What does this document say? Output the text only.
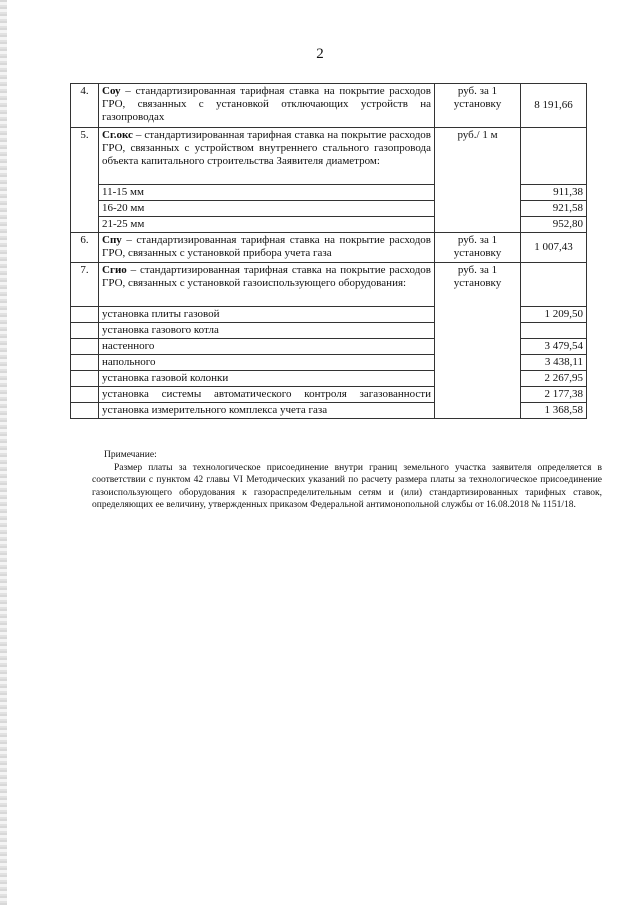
2
4.	Cоу – стандартизированная тарифная ставка на покрытие расходов ГРО, связанных с установкой отключающих устройств на газопроводах	руб. за 1 установку	8 191,66
5.	Cг.окс – стандартизированная тарифная ставка на покрытие расходов ГРО, связанных с устройством внутреннего стального газопровода объекта капитального строительства Заявителя диаметром:	руб./ 1 м	
	11-15 мм		911,38
	16-20 мм		921,58
	21-25 мм		952,80
6.	Cпу – стандартизированная тарифная ставка на покрытие расходов ГРО, связанных с установкой прибора учета газа	руб. за 1 установку	1 007,43
7.	Cгио – стандартизированная тарифная ставка на покрытие расходов ГРО, связанных с установкой газоиспользующего оборудования:	руб. за 1 установку	
	установка плиты газовой		1 209,50
	установка газового котла		
	настенного		3 479,54
	напольного		3 438,11
	установка газовой колонки		2 267,95
	установка системы автоматического контроля загазованности		2 177,38
	установка измерительного комплекса учета газа		1 368,58
Примечание:
Размер платы за технологическое присоединение внутри границ земельного участка заявителя определяется в соответствии с пунктом 42 главы VI Методических указаний по расчету размера платы за технологическое присоединение газоиспользующего оборудования к газораспределительным сетям и (или) стандартизированных тарифных ставок, определяющих ее величину, утвержденных приказом Федеральной антимонопольной службы от 16.08.2018 № 1151/18.
